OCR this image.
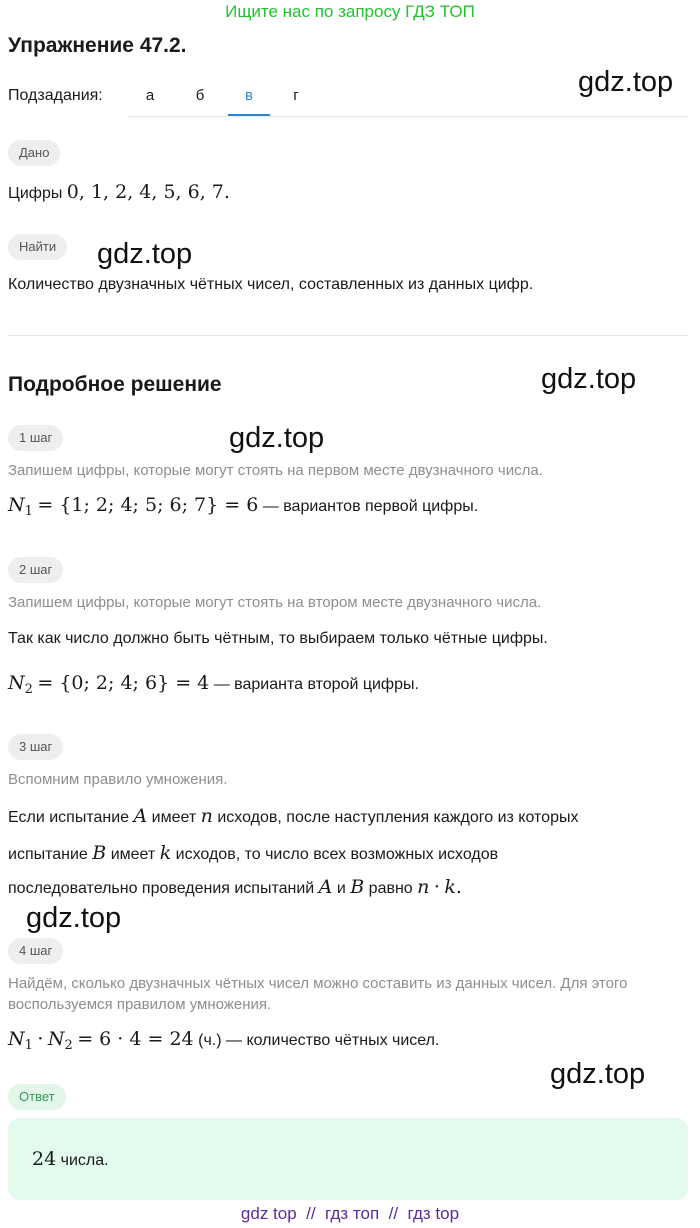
Ищите нас по запросу ГДЗ ТОП
Упражнение 47.2.
Подзадания:	а	б	в	г	gdz.top
gdz.top
gdz.top
gdz.top
gdz.top
gdz.top
Дано
Цифры 0, 1, 2, 4, 5, 6, 7.
Найти
Количество двузначных чётных чисел, составленных из данных цифр.
Подробное решение
1 шаг
Запишем цифры, которые могут стоять на первом месте двузначного числа.
$N_1 = \{1$; 2; 4; 5; 6; 7} = 6 — вариантов первой цифры.
2 шаг
Запишем цифры, которые могут стоять на втором месте двузначного числа.
Так как число должно быть чётным, то выбираем только чётные цифры.
$N_2 = \{0$; 2; 4; 6} = 4 — варианта второй цифры.
3 шаг
Вспомним правило умножения.
Если испытание A имеет n исходов, после наступления каждого из которых
испытание B имеет k исходов, то число всех возможных исходов
последовательно проведения испытаний A и B равно n · k.
4 шаг
Найдём, сколько двузначных чётных чисел можно составить из данных чисел. Для этого
воспользуемся правилом умножения.
$N_1 \cdot N_2 = 6 \cdot 4 = 24$ (ч.) — количество чётных чисел.
Ответ
24 числа.
gdz top // гдз топ // гдз top
